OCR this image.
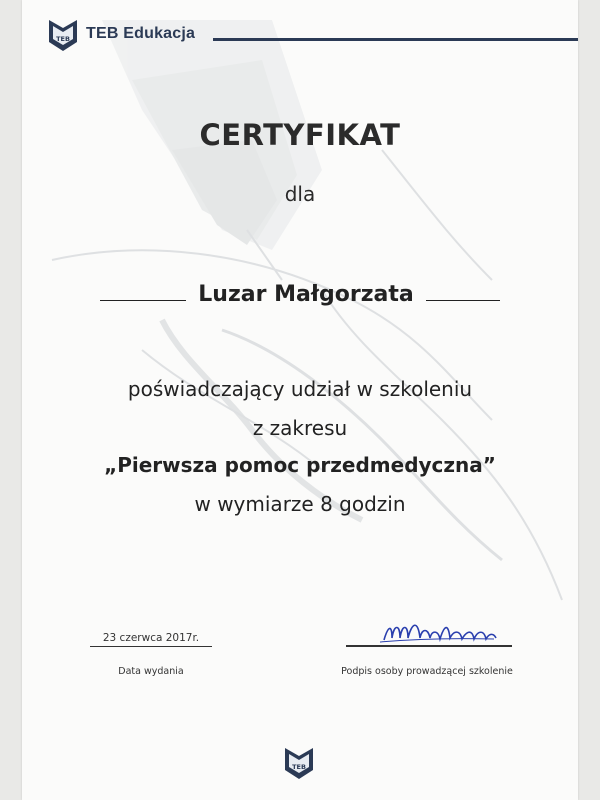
TEB TEB Edukacja
CERTYFIKAT
dla
Luzar Małgorzata
poświadczający udział w szkoleniu
z zakresu
„Pierwsza pomoc przedmedyczna”
w wymiarze 8 godzin
23 czerwca 2017r.
Data wydania	Podpis osoby prowadzącej szkolenie
TEB
